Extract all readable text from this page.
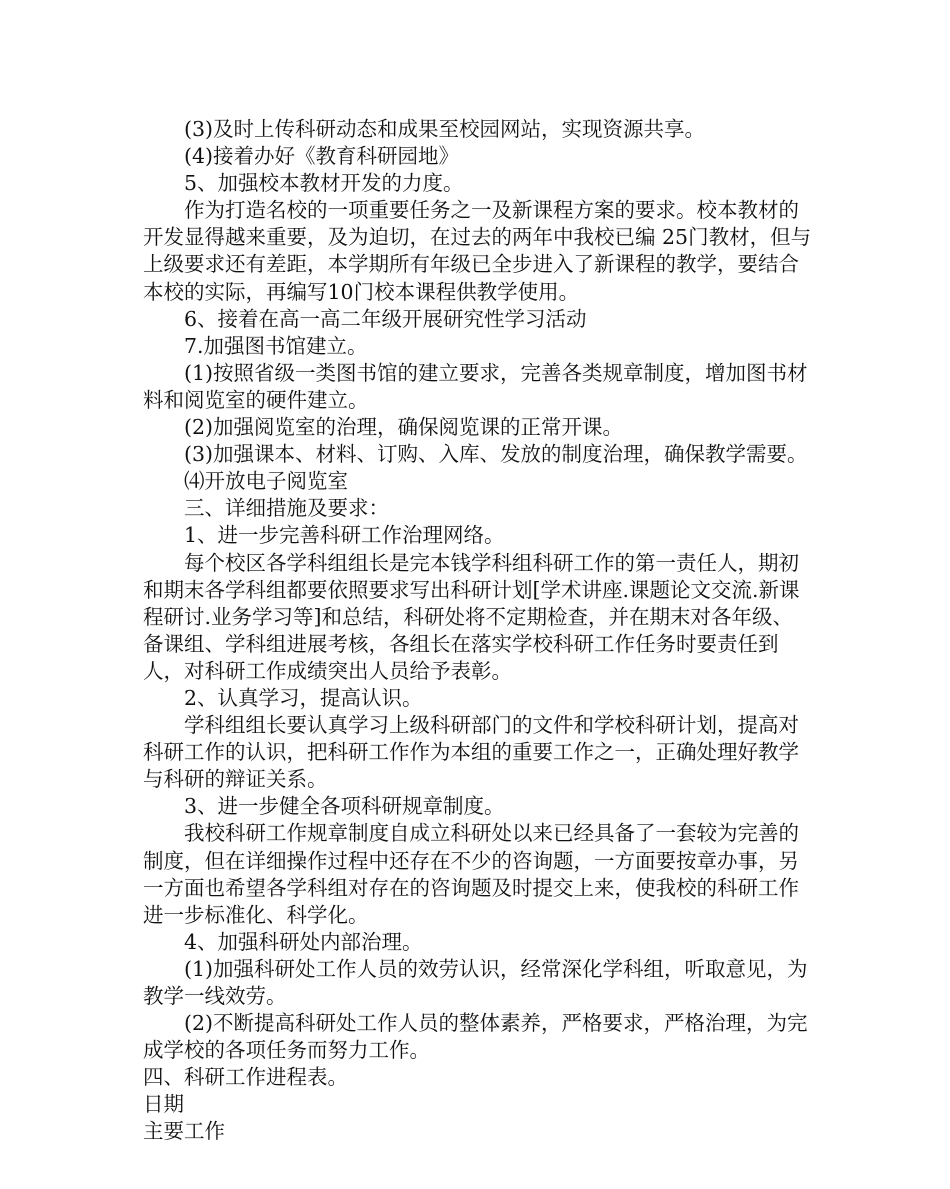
(3)及时上传科研动态和成果至校园网站，实现资源共享。

(4)接着办好《教育科研园地》

5、加强校本教材开发的力度。

作为打造名校的一项重要任务之一及新课程方案的要求。校本教材的开发显得越来重要，及为迫切，在过去的两年中我校已编 25门教材，但与上级要求还有差距，本学期所有年级已全步进入了新课程的教学，要结合本校的实际，再编写10门校本课程供教学使用。

6、接着在高一高二年级开展研究性学习活动

7.加强图书馆建立。

(1)按照省级一类图书馆的建立要求，完善各类规章制度，增加图书材料和阅览室的硬件建立。

(2)加强阅览室的治理，确保阅览课的正常开课。

(3)加强课本、材料、订购、入库、发放的制度治理，确保教学需要。

⑷开放电子阅览室

三、详细措施及要求：

1、进一步完善科研工作治理网络。

每个校区各学科组组长是完本钱学科组科研工作的第一责任人，期初和期末各学科组都要依照要求写出科研计划[学术讲座.课题论文交流.新课程研讨.业务学习等]和总结，科研处将不定期检查，并在期末对各年级、备课组、学科组进展考核，各组长在落实学校科研工作任务时要责任到人，对科研工作成绩突出人员给予表彰。

2、认真学习，提高认识。

学科组组长要认真学习上级科研部门的文件和学校科研计划，提高对科研工作的认识，把科研工作作为本组的重要工作之一，正确处理好教学与科研的辩证关系。

3、进一步健全各项科研规章制度。

我校科研工作规章制度自成立科研处以来已经具备了一套较为完善的制度，但在详细操作过程中还存在不少的咨询题，一方面要按章办事，另一方面也希望各学科组对存在的咨询题及时提交上来，使我校的科研工作进一步标准化、科学化。

4、加强科研处内部治理。

(1)加强科研处工作人员的效劳认识，经常深化学科组，听取意见，为教学一线效劳。

(2)不断提高科研处工作人员的整体素养，严格要求，严格治理，为完成学校的各项任务而努力工作。

四、科研工作进程表。

日期

主要工作
